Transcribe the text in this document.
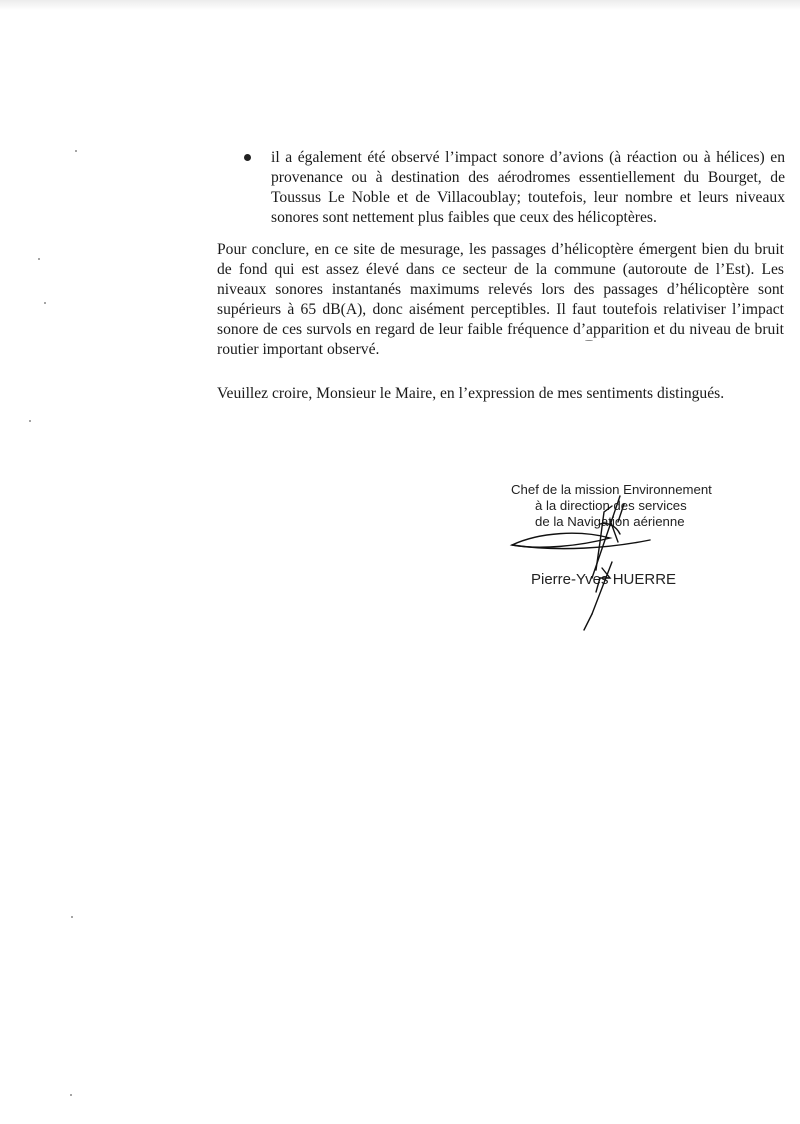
il a également été observé l’impact sonore d’avions (à réaction ou à hélices) en provenance ou à destination des aérodromes essentiellement du Bourget, de Toussus Le Noble et de Villacoublay; toutefois, leur nombre et leurs niveaux sonores sont nettement plus faibles que ceux des hélicoptères.

Pour conclure, en ce site de mesurage, les passages d’hélicoptère émergent bien du bruit de fond qui est assez élevé dans ce secteur de la commune (autoroute de l’Est). Les niveaux sonores instantanés maximums relevés lors des passages d’hélicoptère sont supérieurs à 65 dB(A), donc aisément perceptibles. Il faut toutefois relativiser l’impact sonore de ces survols en regard de leur faible fréquence d’apparition et du niveau de bruit routier important observé.

Veuillez croire, Monsieur le Maire, en l’expression de mes sentiments distingués.

Chef de la mission Environnement
à la direction des services
de la Navigation aérienne
Pierre-Yves HUERRE
